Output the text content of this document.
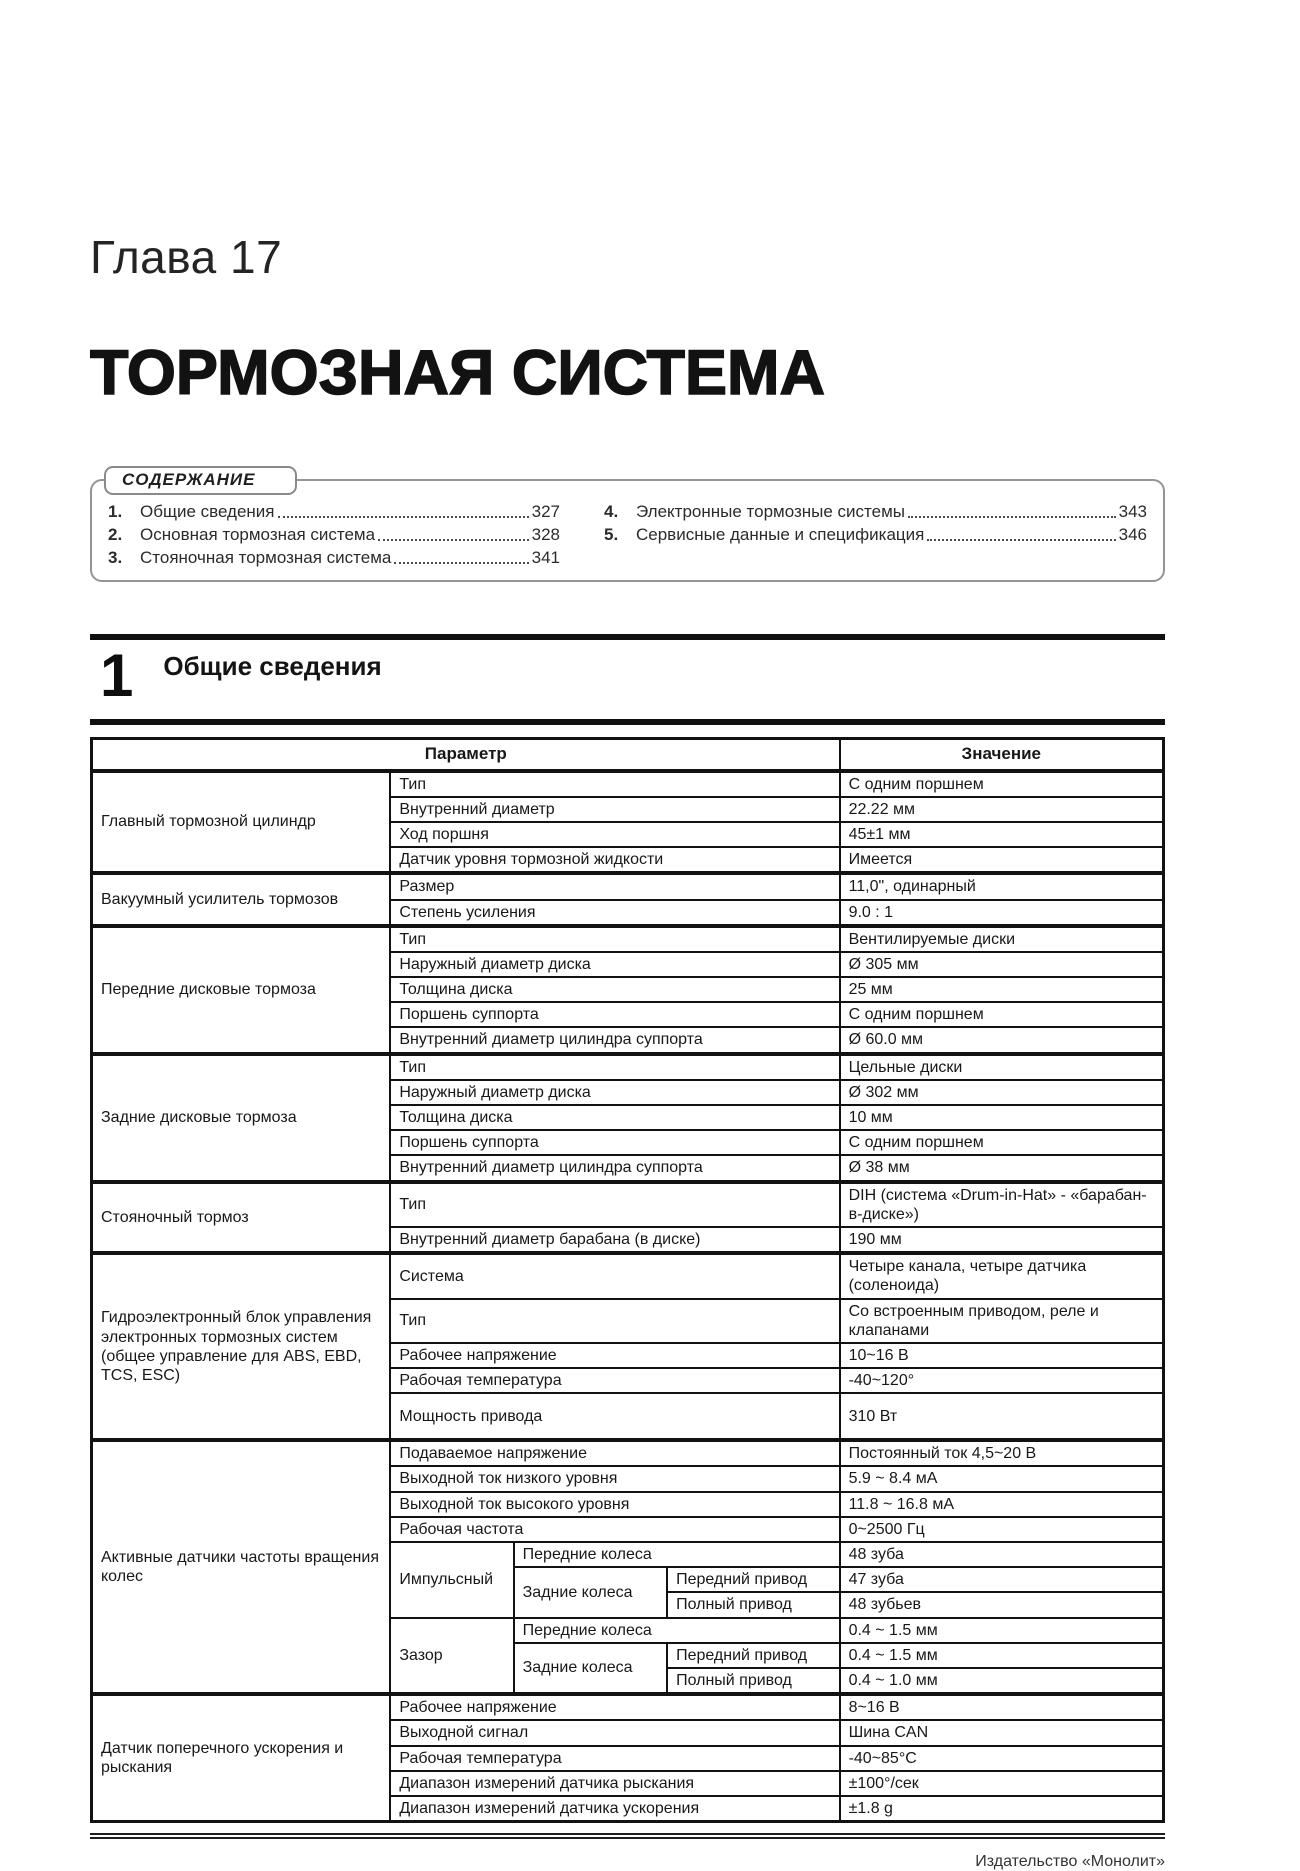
Глава 17
ТОРМОЗНАЯ СИСТЕМА
СОДЕРЖАНИЕ
1.	Общие сведения	327
2.	Основная тормозная система	328
3.	Стояночная тормозная система	341
4.	Электронные тормозные системы	343
5.	Сервисные данные и спецификация	346
1 Общие сведения
Параметр				Значение
Главный тормозной цилиндр	Тип			С одним поршнем
	Внутренний диаметр			22.22 мм
	Ход поршня			45±1 мм
	Датчик уровня тормозной жидкости			Имеется
Вакуумный усилитель тормозов	Размер			11,0", одинарный
	Степень усиления			9.0 : 1
Передние дисковые тормоза	Тип			Вентилируемые диски
	Наружный диаметр диска			Ø 305 мм
	Толщина диска			25 мм
	Поршень суппорта			С одним поршнем
	Внутренний диаметр цилиндра суппорта			Ø 60.0 мм
Задние дисковые тормоза	Тип			Цельные диски
	Наружный диаметр диска			Ø 302 мм
	Толщина диска			10 мм
	Поршень суппорта			С одним поршнем
	Внутренний диаметр цилиндра суппорта			Ø 38 мм
Стояночный тормоз	Тип			DIH (система «Drum-in-Hat» - «барабан-в-диске»)
	Внутренний диаметр барабана (в диске)			190 мм
Гидроэлектронный блок управления электронных тормозных систем (общее управление для ABS, EBD, TCS, ESC)	Система			Четыре канала, четыре датчика (соленоида)
	Тип			Со встроенным приводом, реле и клапанами
	Рабочее напряжение			10~16 В
	Рабочая температура			-40~120°
	Мощность привода			310 Вт
Активные датчики частоты вращения колес	Подаваемое напряжение			Постоянный ток 4,5~20 В
	Выходной ток низкого уровня			5.9 ~ 8.4 мА
	Выходной ток высокого уровня			11.8 ~ 16.8 мА
	Рабочая частота			0~2500 Гц
	Импульсный	Передние колеса		48 зуба
		Задние колеса	Передний привод	47 зуба
			Полный привод	48 зубьев
	Зазор	Передние колеса		0.4 ~ 1.5 мм
		Задние колеса	Передний привод	0.4 ~ 1.5 мм
			Полный привод	0.4 ~ 1.0 мм
Датчик поперечного ускорения и рыскания	Рабочее напряжение			8~16 В
	Выходной сигнал			Шина CAN
	Рабочая температура			-40~85°C
	Диапазон измерений датчика рыскания			±100°/сек
	Диапазон измерений датчика ускорения			±1.8 g
Издательство «Монолит»
